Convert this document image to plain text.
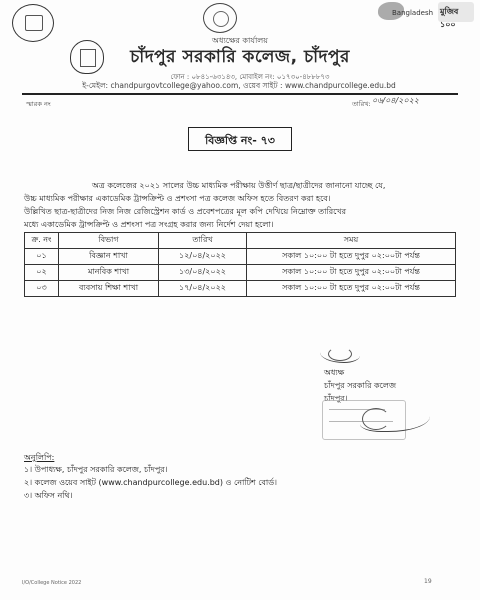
Bangladesh মুজিব ১০০
অধ্যক্ষের কার্যালয়
চাঁদপুর সরকারি কলেজ, চাঁদপুর
ফোন : ০৮৪১-৬৩১৪৩, মোবাইল নং: ০১৭৩০-৪৮৮৮৭৩
ই-মেইল: chandpurgovtcollege@yahoo.com, ওয়েব সাইট : www.chandpurcollege.edu.bd
স্মারক নং	তারিখ: ০৬/০৪/২০২২
বিজ্ঞপ্তি নং- ৭৩
অত্র কলেজের ২০২১ সালের উচ্চ মাধ্যমিক পরীক্ষায় উত্তীর্ণ ছাত্র/ছাত্রীদের জানানো যাচ্ছে যে,
উচ্চ মাধ্যমিক পরীক্ষার একাডেমিক ট্রান্সক্রিপ্ট ও প্রশংসা পত্র কলেজ অফিস হতে বিতরণ করা হবে।
উল্লিখিত ছাত্র-ছাত্রীদের নিজ নিজ রেজিস্ট্রেশন কার্ড ও প্রবেশপত্রের মূল কপি দেখিয়ে নিম্নোক্ত তারিখের
মধ্যে একাডেমিক ট্রান্সক্রিপ্ট ও প্রশংসা পত্র সংগ্রহ করার জন্য নির্দেশ দেয়া হলো।
ক্র. নং	বিভাগ	তারিখ	সময়
০১	বিজ্ঞান শাখা	১২/০৪/২০২২	সকাল ১০:০০ টা হতে দুপুর ০২:০০টা পর্যন্ত
০২	মানবিক শাখা	১৩/০৪/২০২২	সকাল ১০:০০ টা হতে দুপুর ০২:০০টা পর্যন্ত
০৩	ব্যবসায় শিক্ষা শাখা	১৭/০৪/২০২২	সকাল ১০:০০ টা হতে দুপুর ০২:০০টা পর্যন্ত
অধ্যক্ষ
চাঁদপুর সরকারি কলেজ
চাঁদপুর।
অনুলিপি:
১। উপাধ্যক্ষ, চাঁদপুর সরকারি কলেজ, চাঁদপুর।
২। কলেজ ওয়েব সাইট (www.chandpurcollege.edu.bd) ও নোটিশ বোর্ড।
৩। অফিস নথি।
I/O/College Notice 2022	19
